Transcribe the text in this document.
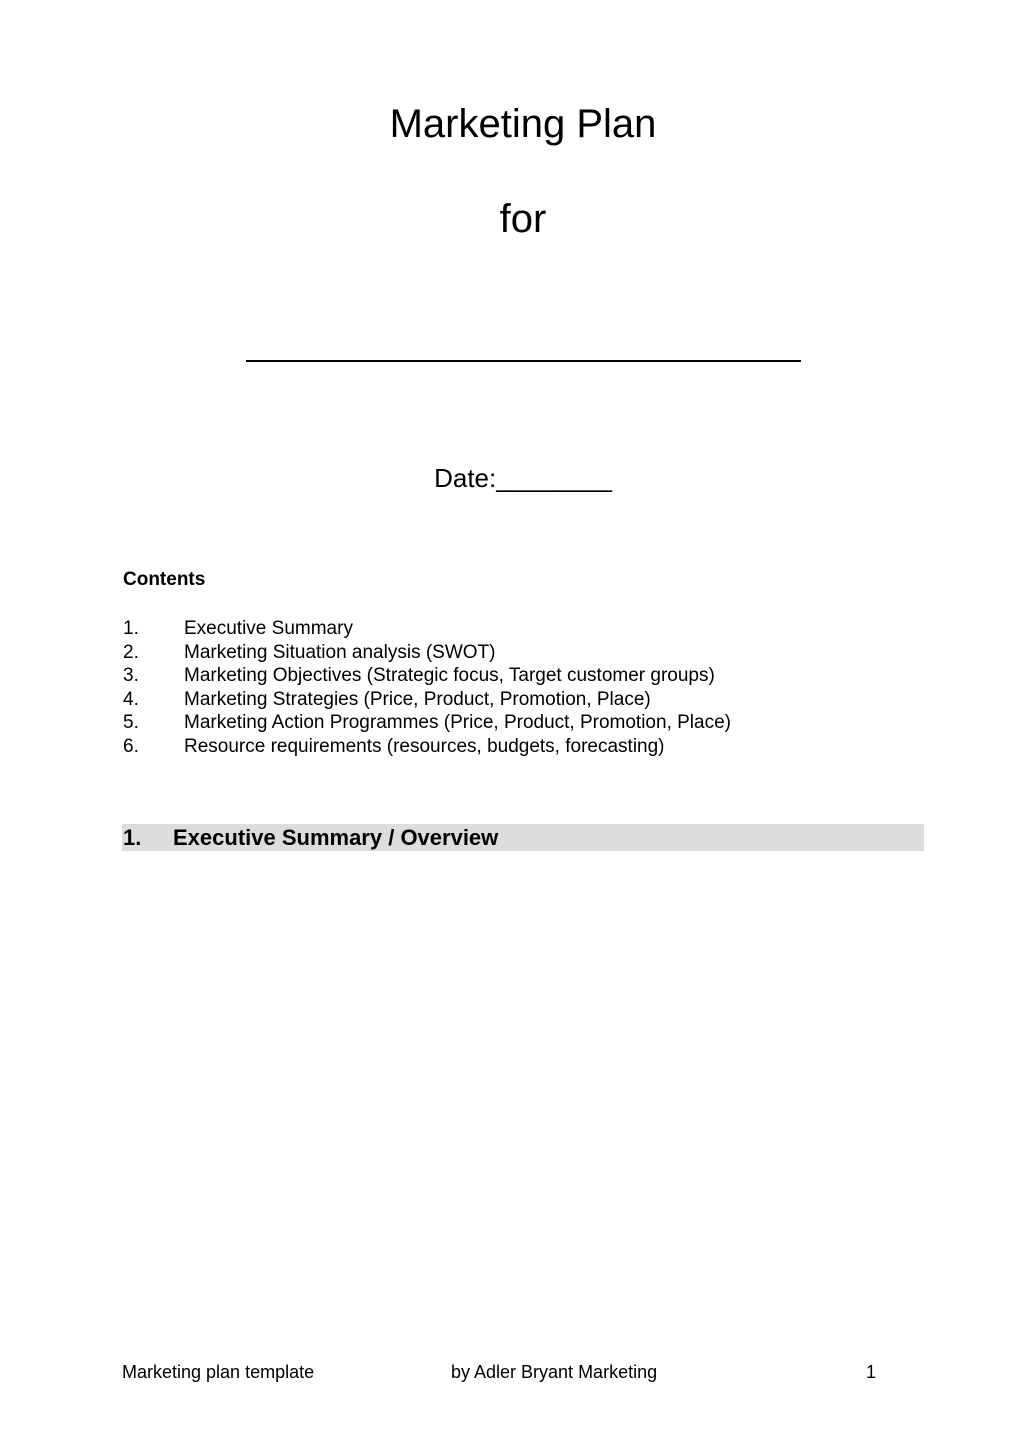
Marketing Plan
for
Date:________
Contents
1.	Executive Summary
2.	Marketing Situation analysis (SWOT)
3.	Marketing Objectives (Strategic focus, Target customer groups)
4.	Marketing Strategies (Price, Product, Promotion, Place)
5.	Marketing Action Programmes (Price, Product, Promotion, Place)
6.	Resource requirements (resources, budgets, forecasting)
1.	Executive Summary / Overview
Marketing plan template	by Adler Bryant Marketing	1
